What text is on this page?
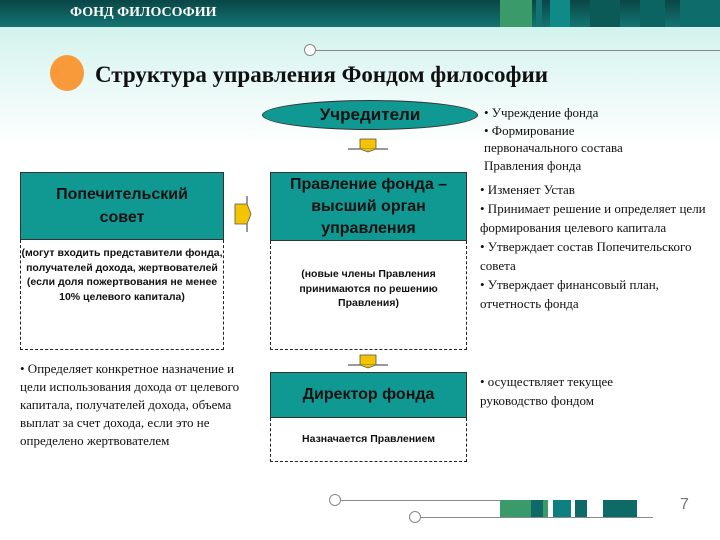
ФОНД ФИЛОСОФИИ
Структура управления Фондом философии
Учредители	• Учреждение фонда
• Формирование первоначального состава Правления фонда
Попечительский совет
(могут входить представители фонда, получателей дохода, жертвователей (если доля пожертвования не менее 10% целевого капитала)
• Определяет конкретное назначение и цели использования дохода от целевого капитала, получателей дохода, объема выплат за счет дохода, если это не определено жертвователем
Правление фонда – высший орган управления
(новые члены Правления принимаются по решению Правления)
• Изменяет Устав
• Принимает решение и определяет цели формирования целевого капитала
• Утверждает состав Попечительского совета
• Утверждает финансовый план, отчетность фонда
Директор фонда
Назначается Правлением
• осуществляет текущее руководство фондом
7
